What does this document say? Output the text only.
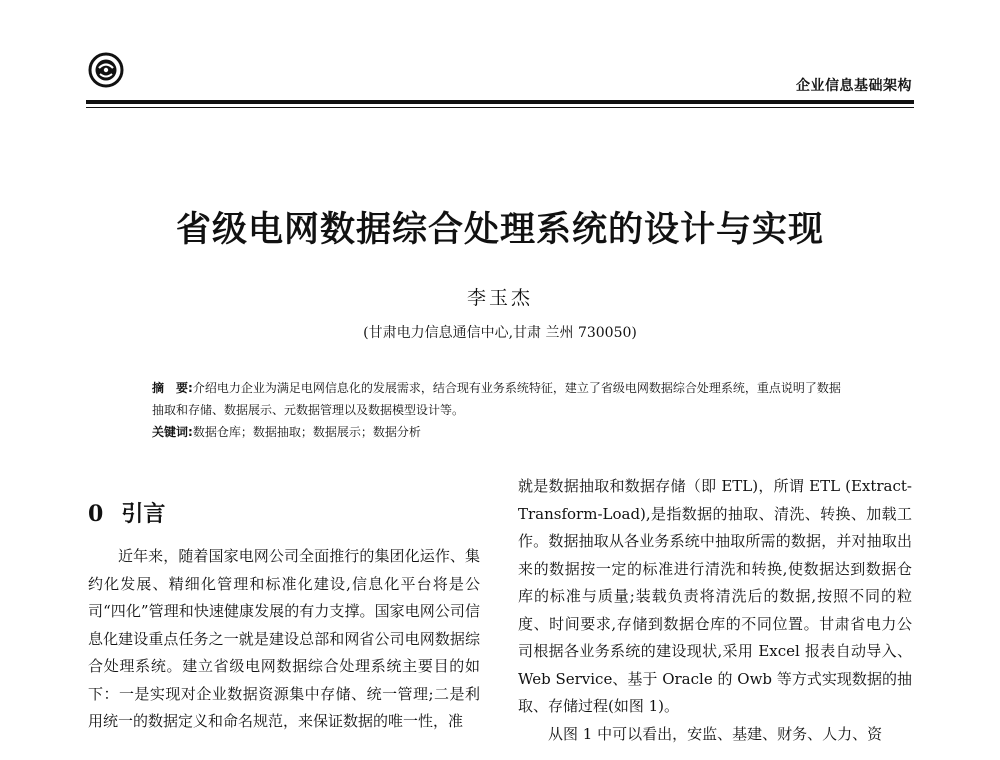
企业信息基础架构
省级电网数据综合处理系统的设计与实现
李玉杰
(甘肃电力信息通信中心,甘肃 兰州 730050)

摘　要:介绍电力企业为满足电网信息化的发展需求，结合现有业务系统特征，建立了省级电网数据综合处理系统，重点说明了数据抽取和存储、数据展示、元数据管理以及数据模型设计等。

关键词:数据仓库；数据抽取；数据展示；数据分析

0 引言

近年来，随着国家电网公司全面推行的集团化运作、集约化发展、精细化管理和标准化建设,信息化平台将是公司“四化”管理和快速健康发展的有力支撑。国家电网公司信息化建设重点任务之一就是建设总部和网省公司电网数据综合处理系统。建立省级电网数据综合处理系统主要目的如下：一是实现对企业数据资源集中存储、统一管理;二是利用统一的数据定义和命名规范，来保证数据的唯一性，准

就是数据抽取和数据存储（即 ETL)，所谓 ETL (Extract-Transform-Load),是指数据的抽取、清洗、转换、加载工作。数据抽取从各业务系统中抽取所需的数据，并对抽取出来的数据按一定的标准进行清洗和转换,使数据达到数据仓库的标准与质量;装载负责将清洗后的数据,按照不同的粒度、时间要求,存储到数据仓库的不同位置。甘肃省电力公司根据各业务系统的建设现状,采用 Excel 报表自动导入、Web Service、基于 Oracle 的 Owb 等方式实现数据的抽取、存储过程(如图 1)。

从图 1 中可以看出，安监、基建、财务、人力、资
